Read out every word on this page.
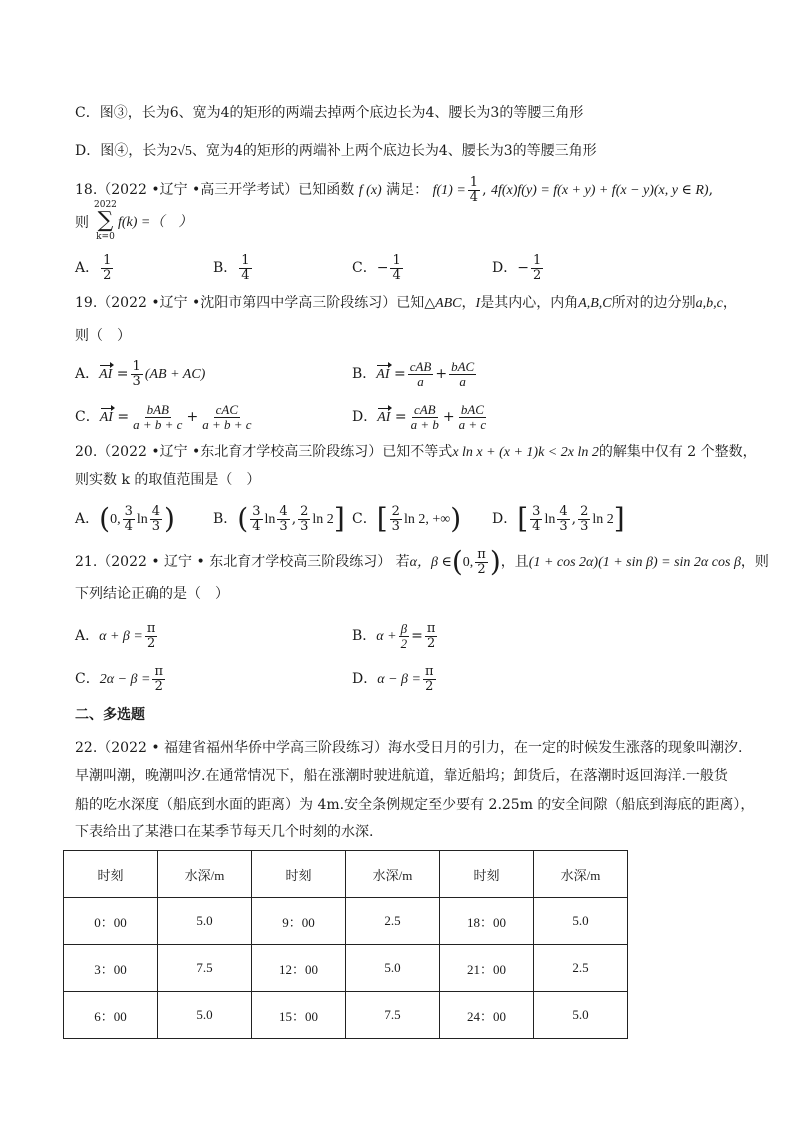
C．图③，长为6、宽为4的矩形的两端去掉两个底边长为4、腰长为3的等腰三角形
D．图④，长为2√5、宽为4的矩形的两端补上两个底边长为4、腰长为3的等腰三角形
18.（2022 •辽宁 •高三开学考试）已知函数 f (x) 满足： $f(1) = \frac{1}{4}$ , 4f(x)f(y) = f(x + y) + f(x − y)(x, y ∈ R),
则
2022
∑
k=0
f(k) =（　）
A． $\frac{1}{2}$	B． $\frac{1}{4}$	C．− $\frac{1}{4}$	D．− $\frac{1}{2}$
19.（2022 •辽宁 •沈阳市第四中学高三阶段练习）已知△ABC，I是其内心，内角A,B,C所对的边分别a,b,c，
则（　）
A．AI = $\frac{1}{3} (AB + AC)$	B．AI = $\frac{\text{cAB}}{a} + \frac{\text{bAC}}{a}$
C．AI = $\frac{\text{bAB}}{a + b + c} + \frac{\text{cAC}}{a + b + c}$	D．AI = $\frac{\text{cAB}}{a + b} + \frac{\text{bAC}}{a + c}$
20.（2022 •辽宁 •东北育才学校高三阶段练习）已知不等式x ln x + (x + 1)k < 2x ln 2的解集中仅有 2 个整数，
则实数 k 的取值范围是（　）
A．(0, $\frac{3}{4}$ $\ln \frac{4}{3}$ )	B．( $\frac{3}{4}$ $\ln \frac{4}{3}$ , $\frac{2}{3}$ ln 2] C．[ $\frac{2}{3}$ ln 2, +∞) D．[ $\frac{3}{4}$ $\ln \frac{4}{3}$ , $\frac{2}{3}$ ln 2]
21.（2022 • 辽宁 • 东北育才学校高三阶段练习） 若α，β ∈(0, $\frac{\pi}{2}$ )，且(1 + cos 2α)(1 + sin β) = sin 2α cos β，则
下列结论正确的是（　）
A．$\alpha + \beta = \frac{\pi}{2}$	B．$\alpha + \frac{\beta}{2} = \frac{\pi}{2}$
C．$2\alpha - \beta = \frac{\pi}{2}$	D．$\alpha - \beta = \frac{\pi}{2}$
二、多选题
22.（2022 • 福建省福州华侨中学高三阶段练习）海水受日月的引力，在一定的时候发生涨落的现象叫潮汐.
早潮叫潮，晚潮叫汐.在通常情况下，船在涨潮时驶进航道，靠近船坞；卸货后，在落潮时返回海洋.一般货
船的吃水深度（船底到水面的距离）为 4m.安全条例规定至少要有 2.25m 的安全间隙（船底到海底的距离），
下表给出了某港口在某季节每天几个时刻的水深.
时刻	水深/m	时刻	水深/m	时刻	水深/m
0：00	5.0	9：00	2.5	18：00	5.0
3：00	7.5	12：00	5.0	21：00	2.5
6：00	5.0	15：00	7.5	24：00	5.0
